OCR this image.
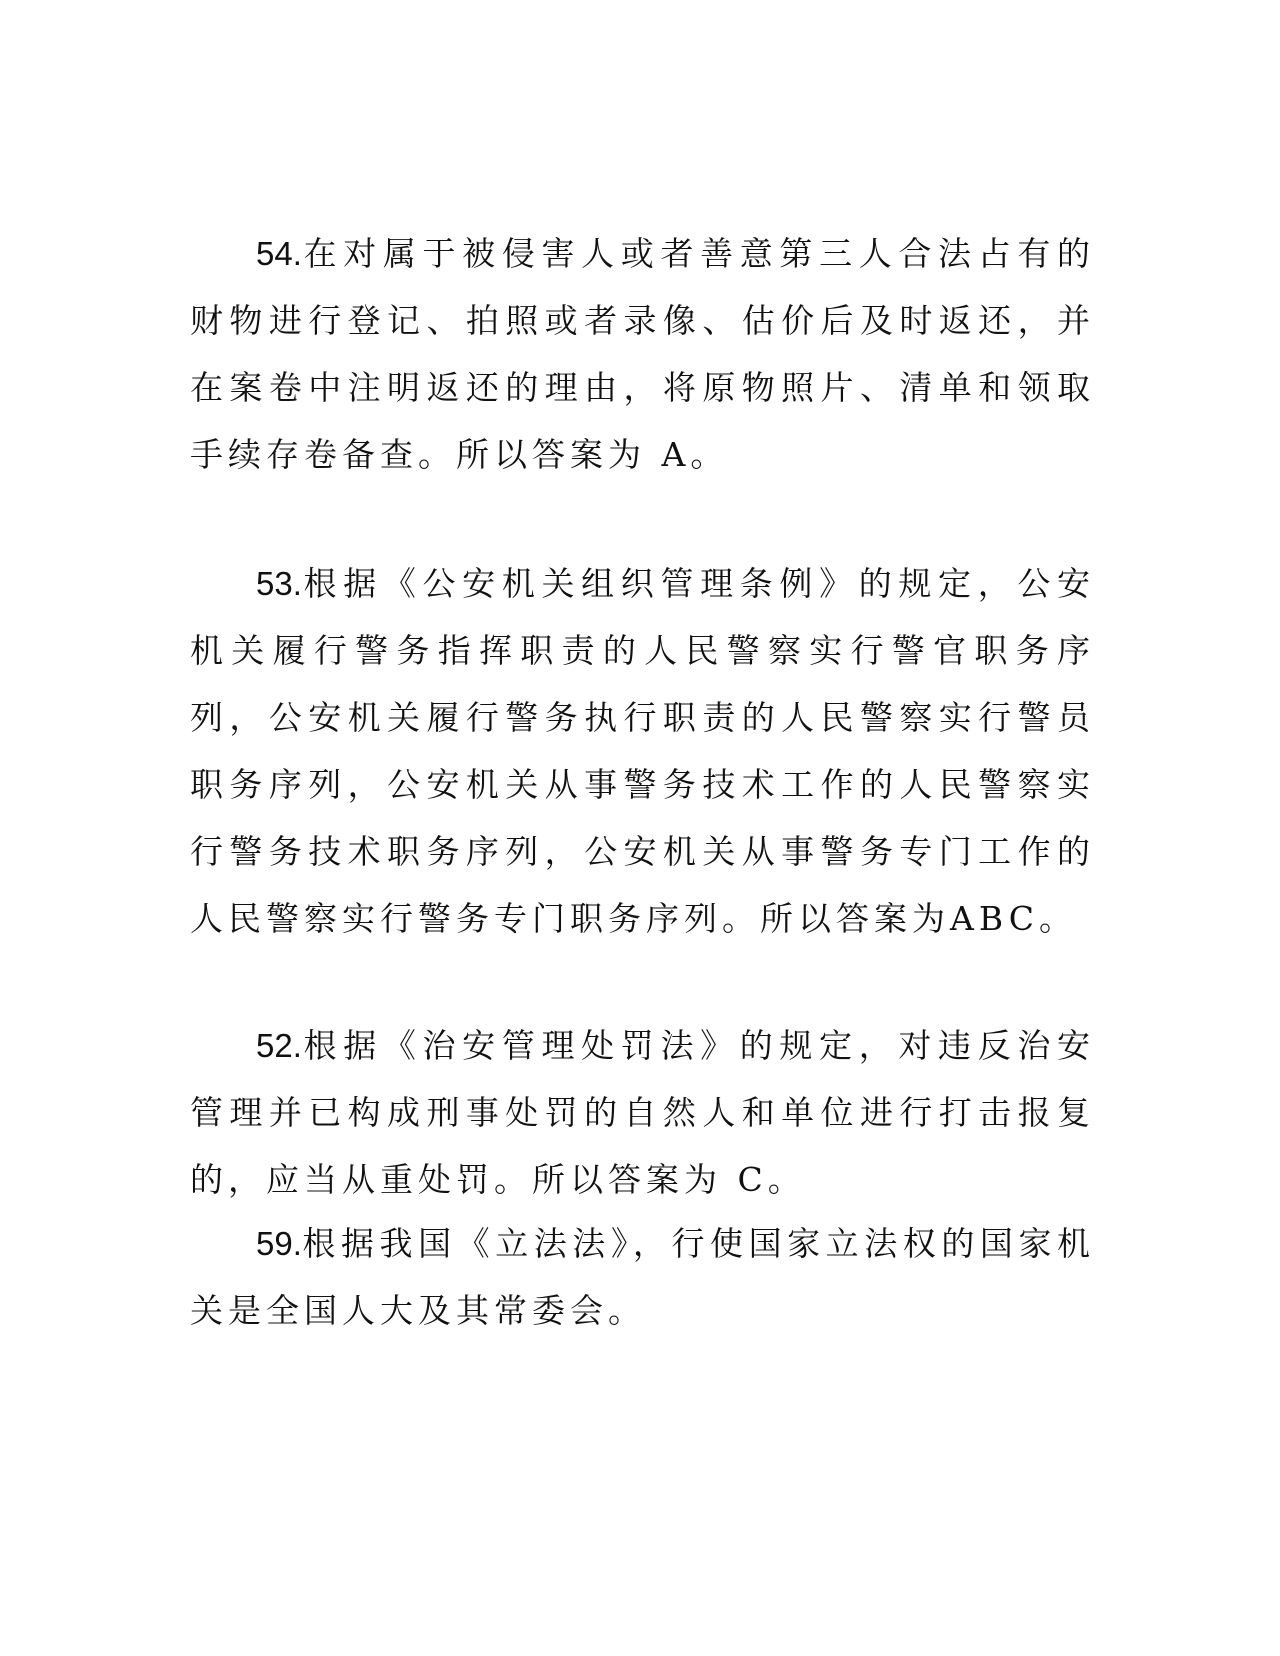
54.在对属于被侵害人或者善意第三人合法占有的财物进行登记、拍照或者录像、估价后及时返还，并在案卷中注明返还的理由，将原物照片、清单和领取手续存卷备查。所以答案为 A。

53.根据《公安机关组织管理条例》的规定，公安机关履行警务指挥职责的人民警察实行警官职务序列，公安机关履行警务执行职责的人民警察实行警员职务序列，公安机关从事警务技术工作的人民警察实行警务技术职务序列，公安机关从事警务专门工作的人民警察实行警务专门职务序列。所以答案为ABC。

52.根据《治安管理处罚法》的规定，对违反治安管理并已构成刑事处罚的自然人和单位进行打击报复的，应当从重处罚。所以答案为 C。

59.根据我国《立法法》，行使国家立法权的国家机关是全国人大及其常委会。
